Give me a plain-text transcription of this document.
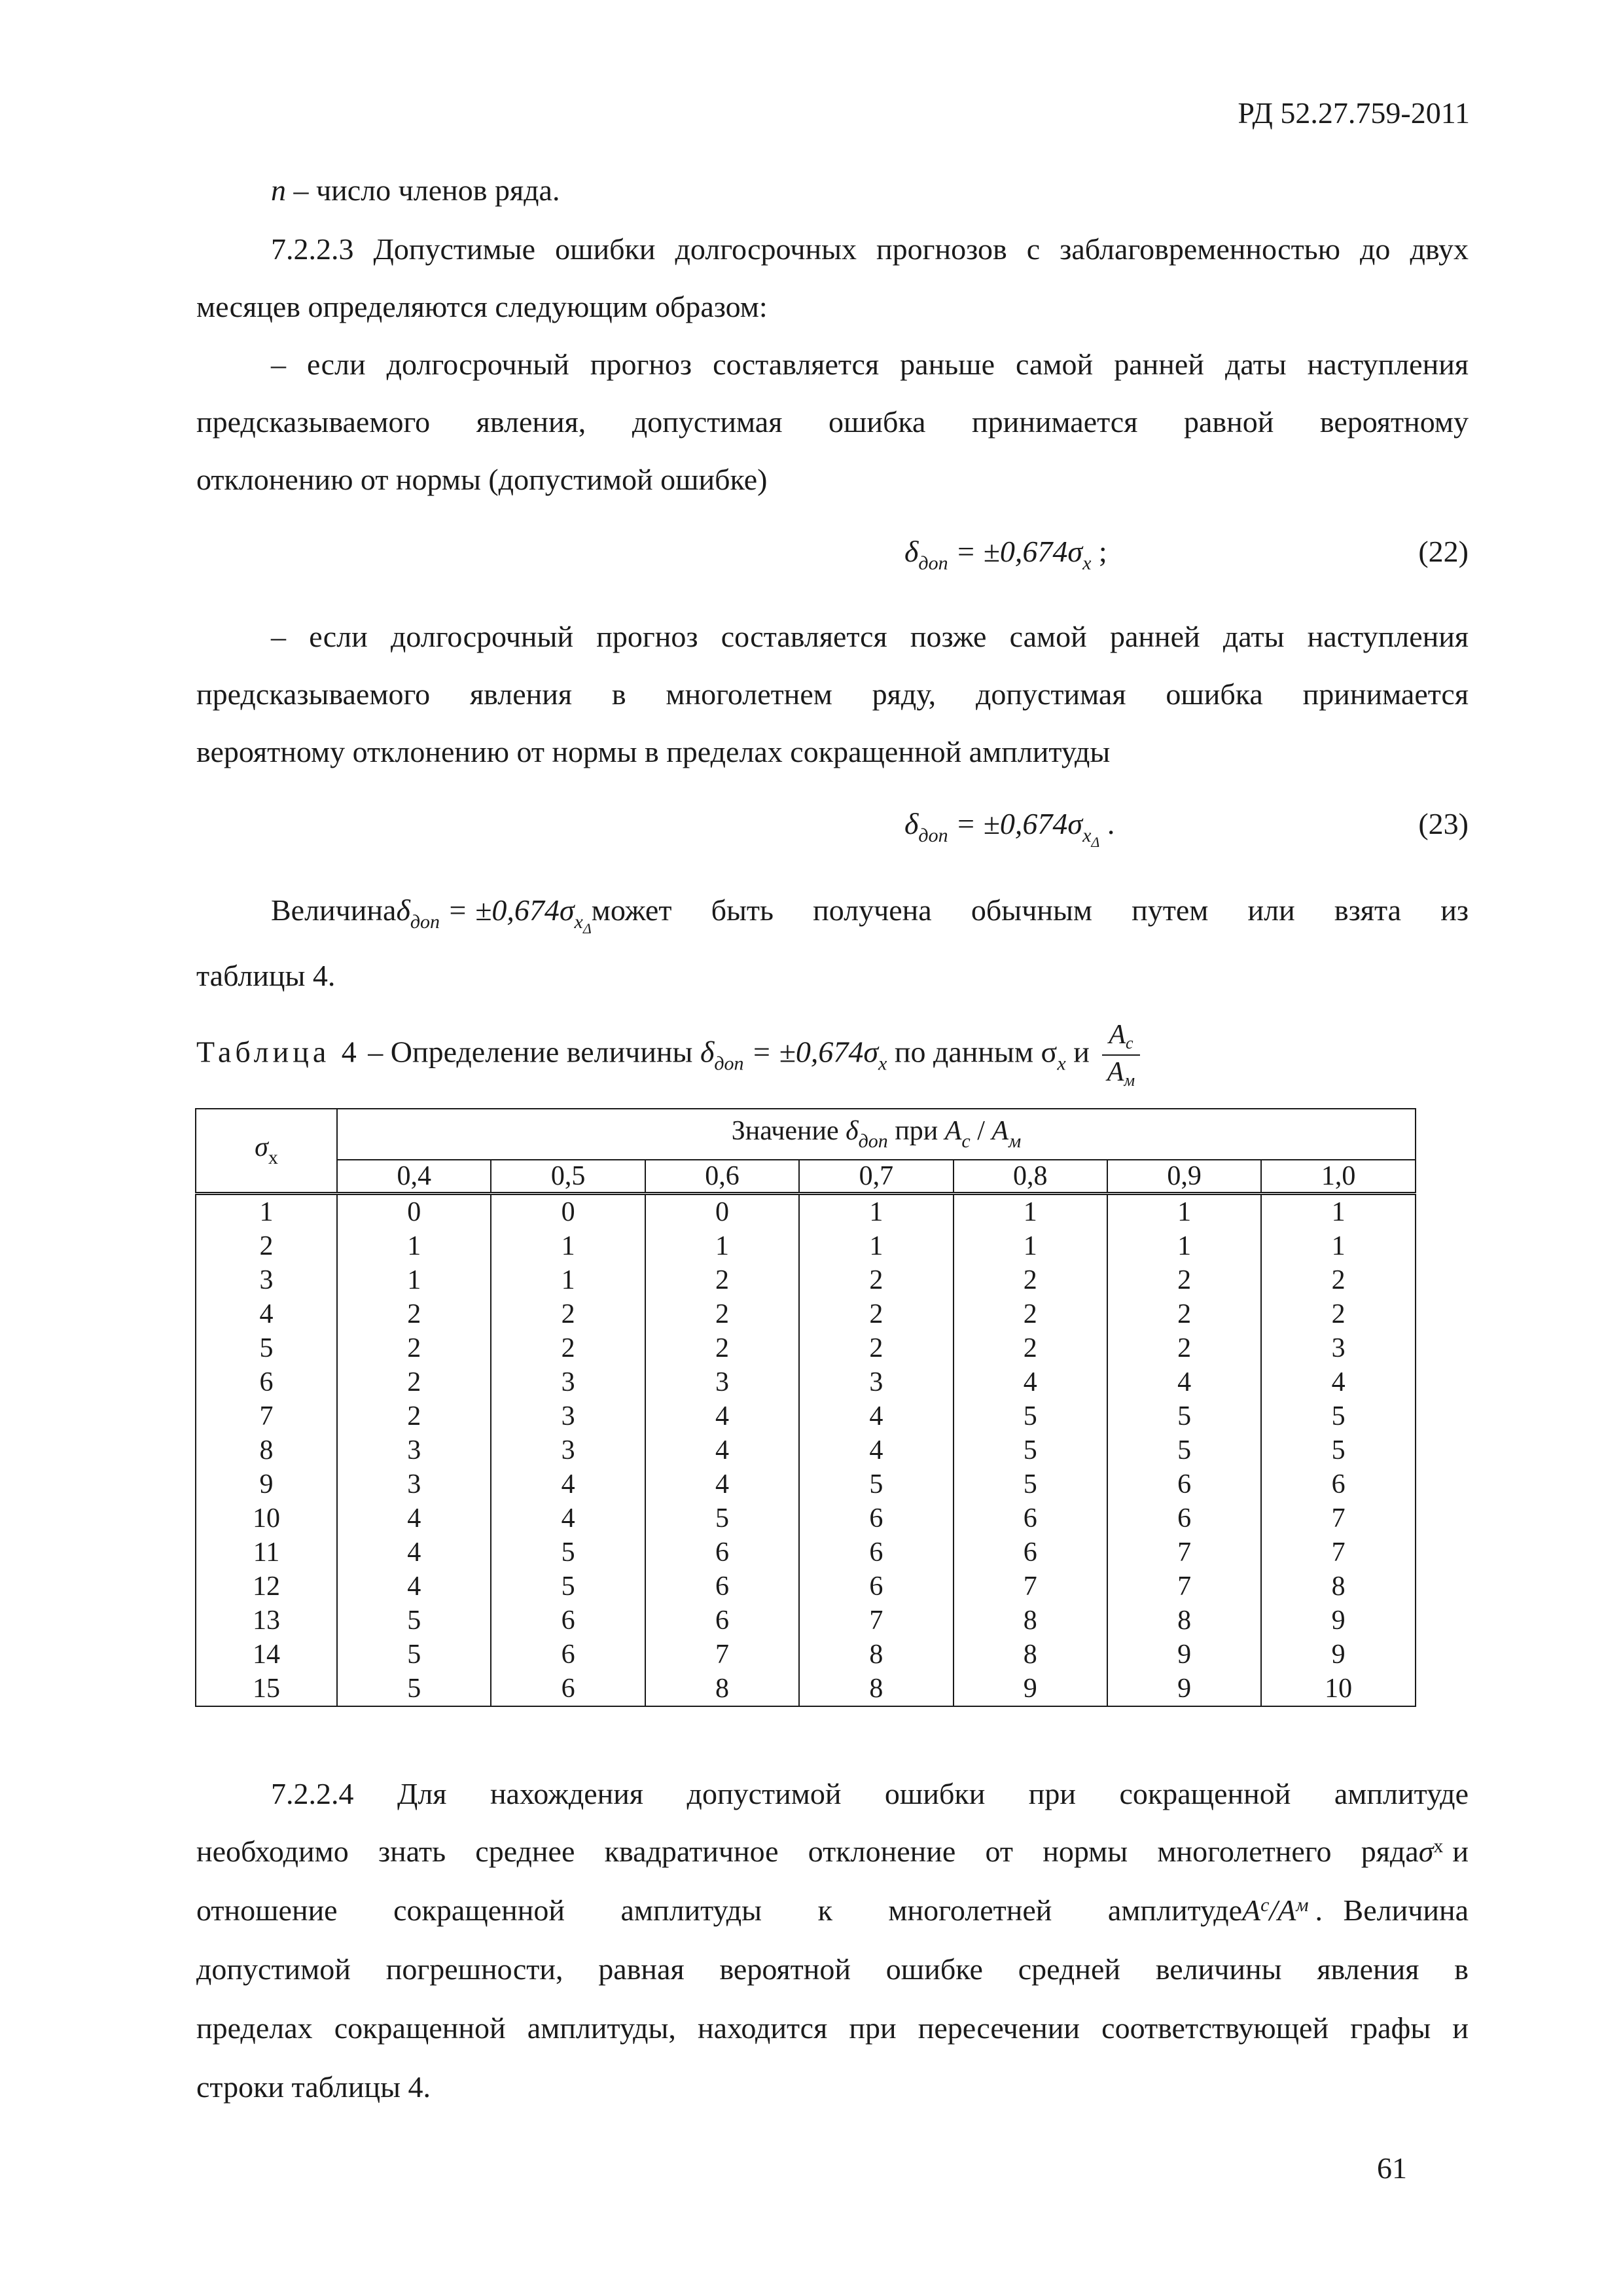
РД 52.27.759-2011
n – число членов ряда.
7.2.2.3 Допустимые ошибки долгосрочных прогнозов с заблаговременностью до двух
месяцев определяются следующим образом:
– если долгосрочный прогноз составляется раньше самой ранней даты наступления
предсказываемого явления, допустимая ошибка принимается равной вероятному
отклонению от нормы (допустимой ошибке)
$\delta_{доп} = \pm 0,674\sigma_x$ ;	(22)
– если долгосрочный прогноз составляется позже самой ранней даты наступления
предсказываемого явления в многолетнем ряду, допустимая ошибка принимается
вероятному отклонению от нормы в пределах сокращенной амплитуды
$\delta_{доп} = \pm 0,674\sigma_{x_\Delta}$ .	(23)
Величина $\delta_{доп} = \pm 0,674\sigma_{x_\Delta}$
может быть получена обычным путем или взята из
таблицы 4.
Таблица 4 – Определение величины $\delta_{доп} = \pm 0,674\sigma_x$ по данным $\sigma_x$ и $\frac{A_c}{A_м}$
$\sigma_x$	Значение $\delta_{доп}$ при $A_c / A_м$
	0,4	0,5	0,6	0,7	0,8	0,9	1,0
1	0	0	0	1	1	1	1
2	1	1	1	1	1	1	1
3	1	1	2	2	2	2	2
4	2	2	2	2	2	2	2
5	2	2	2	2	2	2	3
6	2	3	3	3	4	4	4
7	2	3	4	4	5	5	5
8	3	3	4	4	5	5	5
9	3	4	4	5	5	6	6
10	4	4	5	6	6	6	7
11	4	5	6	6	6	7	7
12	4	5	6	6	7	7	8
13	5	6	6	7	8	8	9
14	5	6	7	8	8	9	9
15	5	6	8	8	9	9	10
7.2.2.4 Для нахождения допустимой ошибки при сокращенной амплитуде
необходимо знать среднее квадратичное отклонение от нормы многолетнего ряда σ x и
отношение сокращенной амплитуды к многолетней амплитуде A c / A м . Величина
допустимой погрешности, равная вероятной ошибке средней величины явления в
пределах сокращенной амплитуды, находится при пересечении соответствующей графы и
строки таблицы 4.
61
